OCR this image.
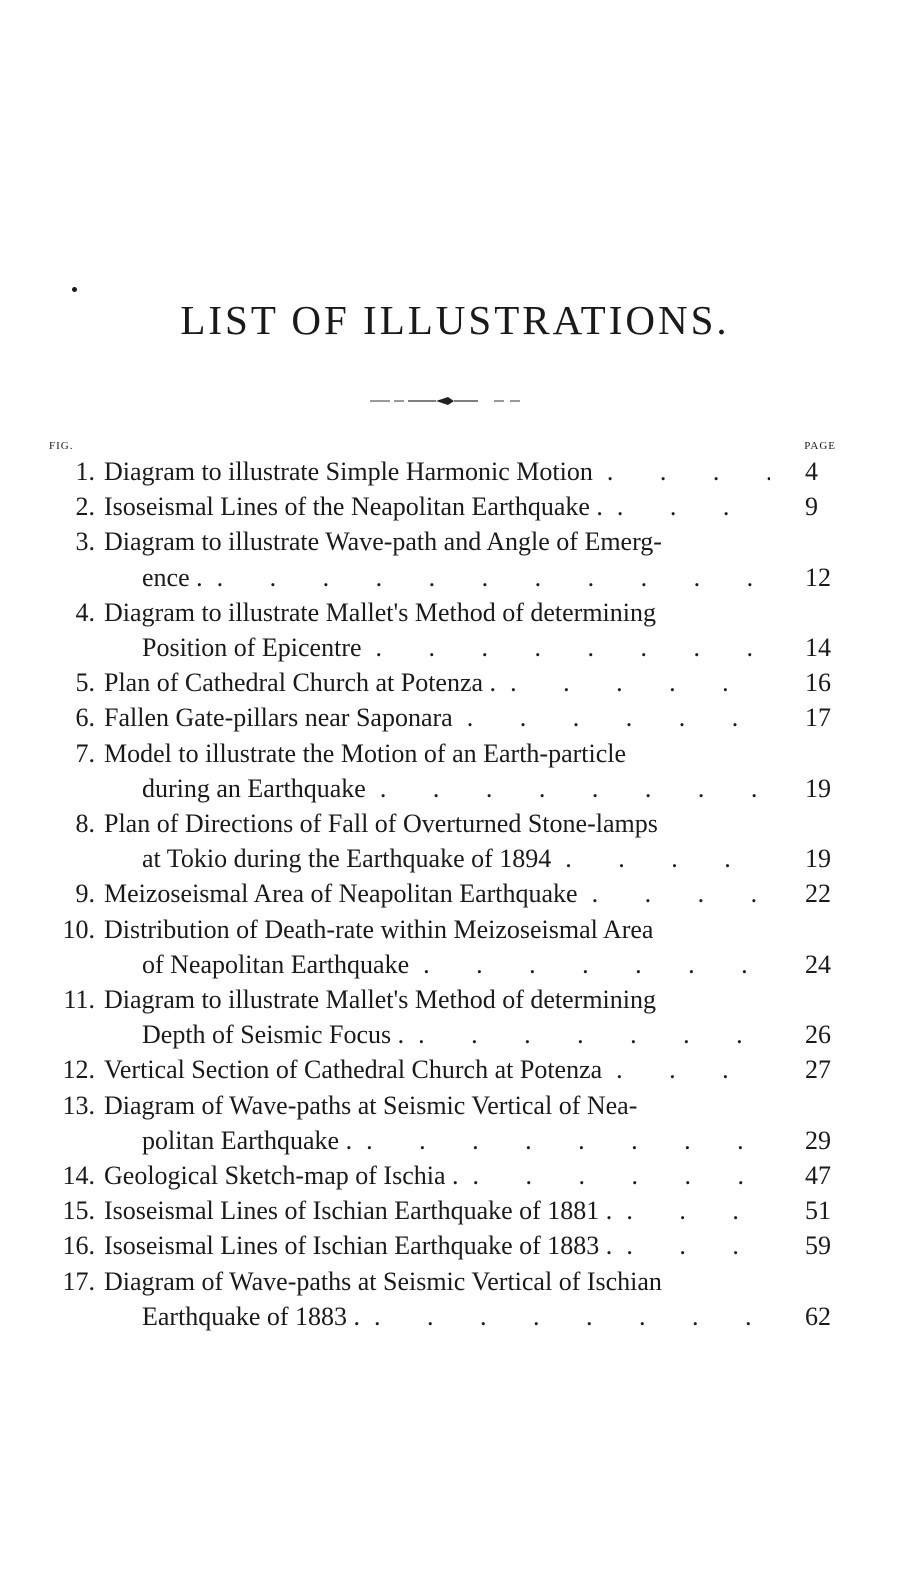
LIST OF ILLUSTRATIONS.
FIG.	PAGE
1. Diagram to illustrate Simple Harmonic Motion . . .	4
2. Isoseismal Lines of the Neapolitan Earthquake . . . .	9
3. Diagram to illustrate Wave-path and Angle of Emerg-
ence . . . .	12
4. Diagram to illustrate Mallet's Method of determining
Position of Epicentre . . .	14
5. Plan of Cathedral Church at Potenza . . . .	16
6. Fallen Gate-pillars near Saponara . . .	17
7. Model to illustrate the Motion of an Earth-particle
during an Earthquake . . .	19
8. Plan of Directions of Fall of Overturned Stone-lamps
at Tokio during the Earthquake of 1894 . . .	19
9. Meizoseismal Area of Neapolitan Earthquake . . .	22
10. Distribution of Death-rate within Meizoseismal Area
of Neapolitan Earthquake . . .	24
11. Diagram to illustrate Mallet's Method of determining
Depth of Seismic Focus . . . .	26
12. Vertical Section of Cathedral Church at Potenza . . .	27
13. Diagram of Wave-paths at Seismic Vertical of Nea-
politan Earthquake . . . .	29
14. Geological Sketch-map of Ischia . . . .	47
15. Isoseismal Lines of Ischian Earthquake of 1881 . . . .	51
16. Isoseismal Lines of Ischian Earthquake of 1883 . . . .	59
17. Diagram of Wave-paths at Seismic Vertical of Ischian
Earthquake of 1883 . . . .	62
